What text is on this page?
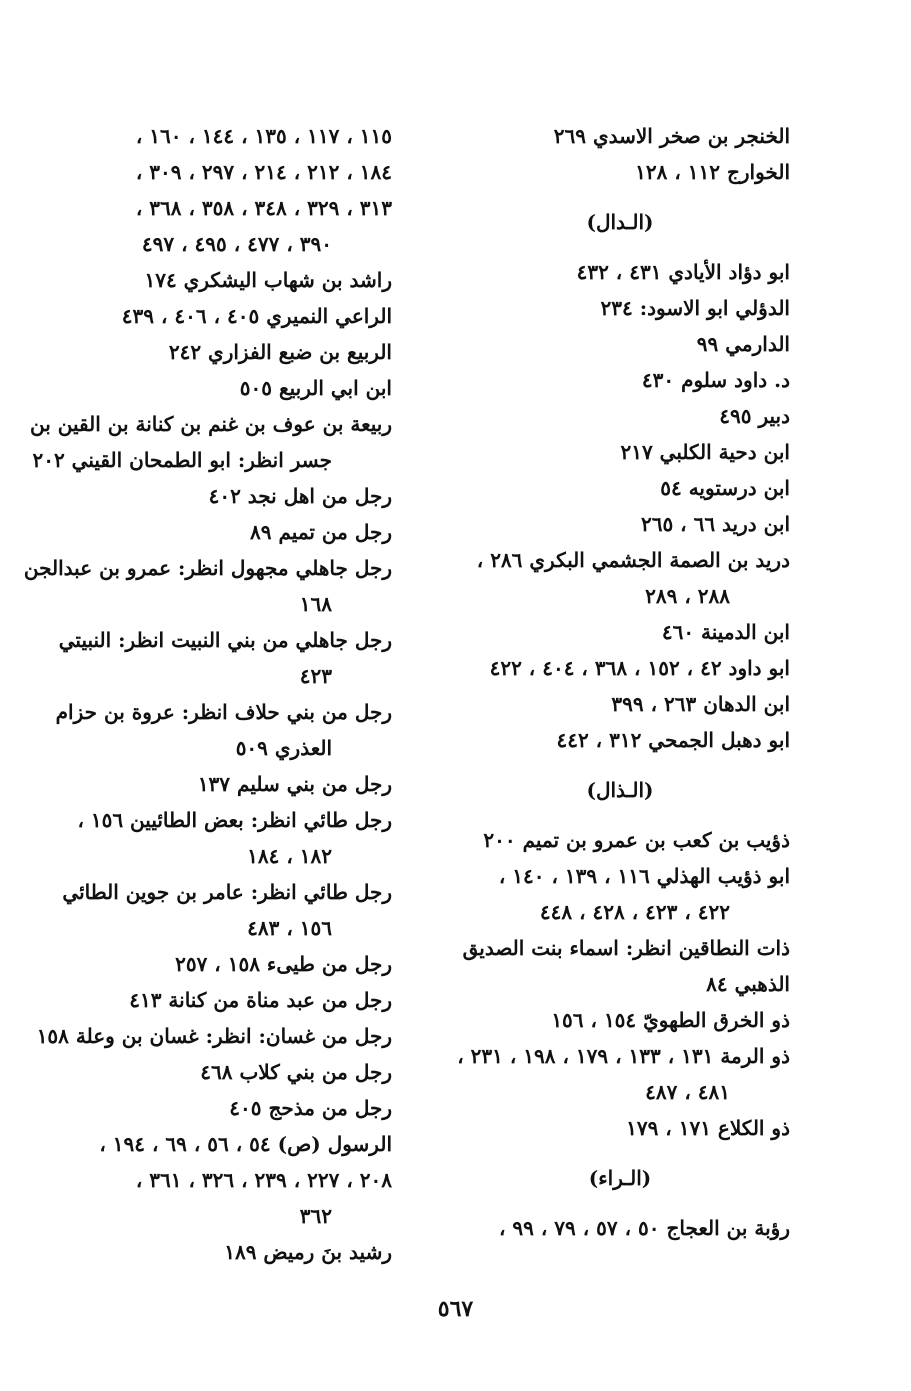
الخنجر بن صخر الاسدي ٢٦٩
الخوارج ١١٢ ، ١٢٨
(الـدال)
ابو دؤاد الأيادي ٤٣١ ، ٤٣٢
الدؤلي ابو الاسود: ٢٣٤
الدارمي ٩٩
د. داود سلوم ٤٣٠
دبير ٤٩٥
ابن دحية الكلبي ٢١٧
ابن درستويه ٥٤
ابن دريد ٦٦ ، ٢٦٥
دريد بن الصمة الجشمي البكري ٢٨٦ ،
٢٨٨ ، ٢٨٩
ابن الدمينة ٤٦٠
ابو داود ٤٢ ، ١٥٢ ، ٣٦٨ ، ٤٠٤ ، ٤٢٢
ابن الدهان ٢٦٣ ، ٣٩٩
ابو دهبل الجمحي ٣١٢ ، ٤٤٢
(الـذال)
ذؤيب بن كعب بن عمرو بن تميم ٢٠٠
ابو ذؤيب الهذلي ١١٦ ، ١٣٩ ، ١٤٠ ،
٤٢٢ ، ٤٢٣ ، ٤٢٨ ، ٤٤٨
ذات النطاقين انظر: اسماء بنت الصديق
الذهبي ٨٤
ذو الخرق الطهويّ ١٥٤ ، ١٥٦
ذو الرمة ١٣١ ، ١٣٣ ، ١٧٩ ، ١٩٨ ، ٢٣١ ،
٤٨١ ، ٤٨٧
ذو الكلاع ١٧١ ، ١٧٩
(الـراء)
رؤبة بن العجاج ٥٠ ، ٥٧ ، ٧٩ ، ٩٩ ،
١١٥ ، ١١٧ ، ١٣٥ ، ١٤٤ ، ١٦٠ ،
١٨٤ ، ٢١٢ ، ٢١٤ ، ٢٩٧ ، ٣٠٩ ،
٣١٣ ، ٣٢٩ ، ٣٤٨ ، ٣٥٨ ، ٣٦٨ ،
٣٩٠ ، ٤٧٧ ، ٤٩٥ ، ٤٩٧
راشد بن شهاب اليشكري ١٧٤
الراعي النميري ٤٠٥ ، ٤٠٦ ، ٤٣٩
الربيع بن ضبع الفزاري ٢٤٢
ابن ابي الربيع ٥٠٥
ربيعة بن عوف بن غنم بن كنانة بن القين بن
جسر انظر: ابو الطمحان القيني ٢٠٢
رجل من اهل نجد ٤٠٢
رجل من تميم ٨٩
رجل جاهلي مجهول انظر: عمرو بن عبدالجن
١٦٨
رجل جاهلي من بني النبيت انظر: النبيتي
٤٢٣
رجل من بني حلاف انظر: عروة بن حزام
العذري ٥٠٩
رجل من بني سليم ١٣٧
رجل طائي انظر: بعض الطائيين ١٥٦ ،
١٨٢ ، ١٨٤
رجل طائي انظر: عامر بن جوين الطائي
١٥٦ ، ٤٨٣
رجل من طيىء ١٥٨ ، ٢٥٧
رجل من عبد مناة من كنانة ٤١٣
رجل من غسان: انظر: غسان بن وعلة ١٥٨
رجل من بني كلاب ٤٦٨
رجل من مذحج ٤٠٥
الرسول (ص) ٥٤ ، ٥٦ ، ٦٩ ، ١٩٤ ،
٢٠٨ ، ٢٢٧ ، ٢٣٩ ، ٣٢٦ ، ٣٦١ ،
٣٦٢
رشيد بنَ رميض ١٨٩
٥٦٧
